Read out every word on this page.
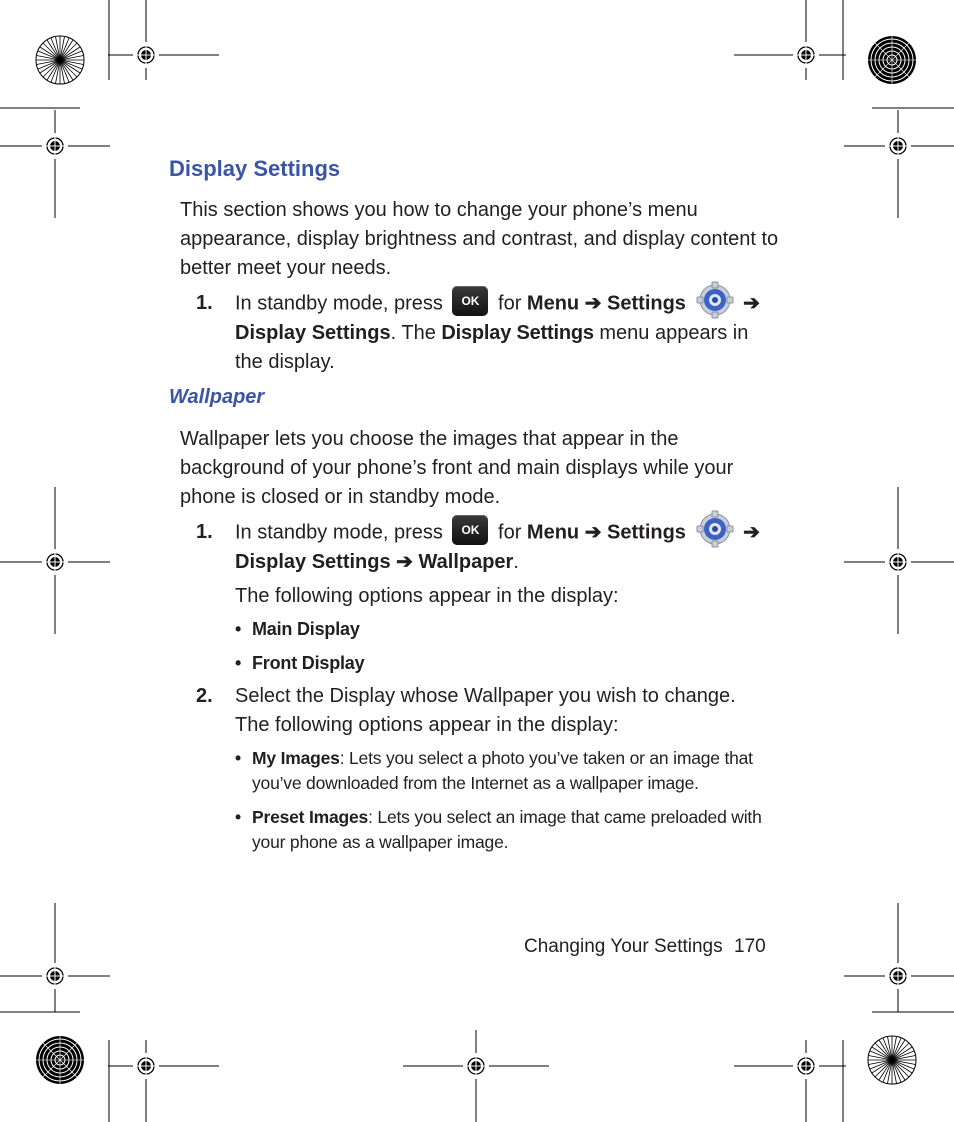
Display Settings

This section shows you how to change your phone’s menu appearance, display brightness and contrast, and display content to better meet your needs.

1. In standby mode, press OK for Menu ➔ Settings	➔
Display Settings. The Display Settings menu appears in the display.
Wallpaper

Wallpaper lets you choose the images that appear in the background of your phone’s front and main displays while your phone is closed or in standby mode.

1. In standby mode, press OK for Menu ➔ Settings	➔
Display Settings ➔ Wallpaper.

The following options appear in the display:

• Main Display
• Front Display
2. Select the Display whose Wallpaper you wish to change. The following options appear in the display:
• My Images: Lets you select a photo you’ve taken or an image that you’ve downloaded from the Internet as a wallpaper image.
• Preset Images: Lets you select an image that came preloaded with your phone as a wallpaper image.
Changing Your Settings 170
